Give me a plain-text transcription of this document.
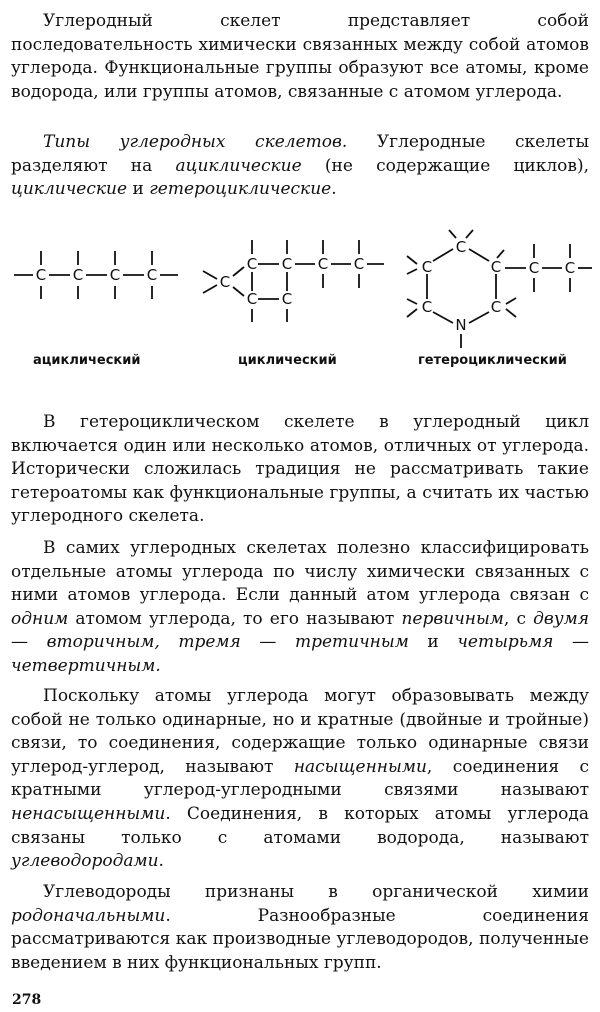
Углеродный скелет представляет собой последовательность химически связанных между собой атомов углерода. Функциональные группы образуют все атомы, кроме водорода, или группы атомов, связанные с атомом углерода.

Типы углеродных скелетов. Углеродные скелеты разделяют на ациклические (не содержащие циклов), циклические и гетероциклические.

C C C C	C
C C C C
C C
C
C	C
C	C
N
C C
ациклический	циклический	гетероциклический

В гетероциклическом скелете в углеродный цикл включается один или несколько атомов, отличных от углерода. Исторически сложилась традиция не рассматривать такие гетероатомы как функциональные группы, а считать их частью углеродного скелета.

В самих углеродных скелетах полезно классифицировать отдельные атомы углерода по числу химически связанных с ними атомов углерода. Если данный атом углерода связан с одним атомом углерода, то его называют первичным, с двумя — вторичным, тремя — третичным и четырьмя — четвертичным.

Поскольку атомы углерода могут образовывать между собой не только одинарные, но и кратные (двойные и тройные) связи, то соединения, содержащие только одинарные связи углерод-углерод, называют насыщенными, соединения с кратными углерод-углеродными связями называют ненасыщенными. Соединения, в которых атомы углерода связаны только с атомами водорода, называют углеводородами.

Углеводороды признаны в органической химии родоначальными. Разнообразные соединения рассматриваются как производные углеводородов, полученные введением в них функциональных групп.

278
